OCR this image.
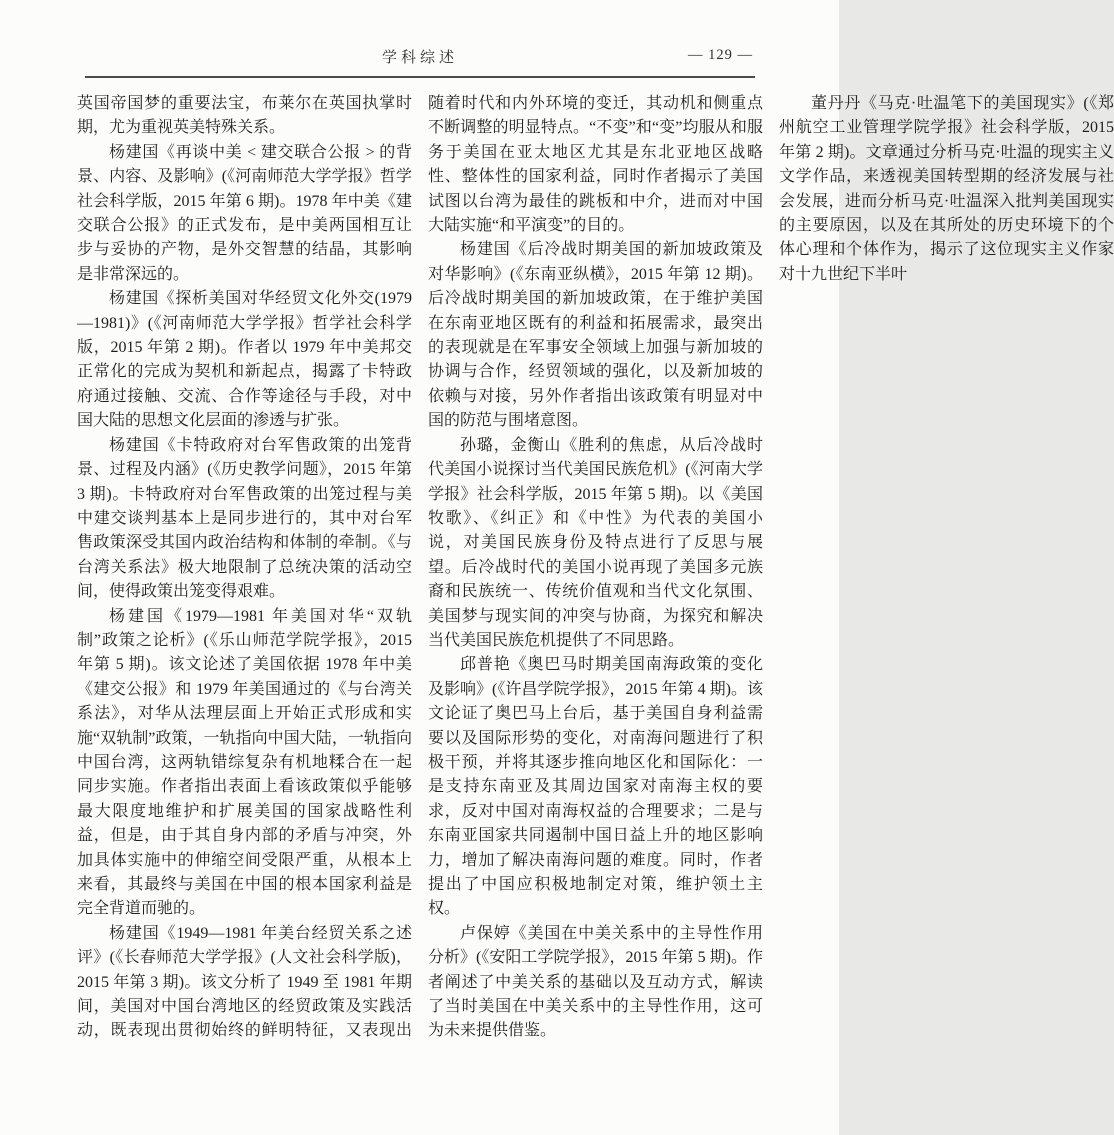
学科综述	— 129 —

英国帝国梦的重要法宝，布莱尔在英国执掌时期，尤为重视英美特殊关系。

杨建国《再谈中美 < 建交联合公报 > 的背景、内容、及影响》(《河南师范大学学报》哲学社会科学版，2015 年第 6 期)。1978 年中美《建交联合公报》的正式发布，是中美两国相互让步与妥协的产物，是外交智慧的结晶，其影响是非常深远的。

杨建国《探析美国对华经贸文化外交(1979—1981)》(《河南师范大学学报》哲学社会科学版，2015 年第 2 期)。作者以 1979 年中美邦交正常化的完成为契机和新起点，揭露了卡特政府通过接触、交流、合作等途径与手段，对中国大陆的思想文化层面的渗透与扩张。

杨建国《卡特政府对台军售政策的出笼背景、过程及内涵》(《历史教学问题》，2015 年第 3 期)。卡特政府对台军售政策的出笼过程与美中建交谈判基本上是同步进行的，其中对台军售政策深受其国内政治结构和体制的牵制。《与台湾关系法》极大地限制了总统决策的活动空间，使得政策出笼变得艰难。

杨建国《1979—1981 年美国对华“双轨制”政策之论析》(《乐山师范学院学报》，2015 年第 5 期)。该文论述了美国依据 1978 年中美《建交公报》和 1979 年美国通过的《与台湾关系法》，对华从法理层面上开始正式形成和实施“双轨制”政策，一轨指向中国大陆，一轨指向中国台湾，这两轨错综复杂有机地糅合在一起同步实施。作者指出表面上看该政策似乎能够最大限度地维护和扩展美国的国家战略性利益，但是，由于其自身内部的矛盾与冲突，外加具体实施中的伸缩空间受限严重，从根本上来看，其最终与美国在中国的根本国家利益是完全背道而驰的。

杨建国《1949—1981 年美台经贸关系之述评》(《长春师范大学学报》(人文社会科学版)，2015 年第 3 期)。该文分析了 1949 至 1981 年期间，美国对中国台湾地区的经贸政策及实践活动，既表现出贯彻始终的鲜明特征，又表现出随着时代和内外环境的变迁，其动机和侧重点不断调整的明显特点。“不变”和“变”均服从和服务于美国在亚太地区尤其是东北亚地区战略性、整体性的国家利益，同时作者揭示了美国试图以台湾为最佳的跳板和中介，进而对中国大陆实施“和平演变”的目的。

杨建国《后冷战时期美国的新加坡政策及对华影响》(《东南亚纵横》，2015 年第 12 期)。后冷战时期美国的新加坡政策，在于维护美国在东南亚地区既有的利益和拓展需求，最突出的表现就是在军事安全领域上加强与新加坡的协调与合作，经贸领域的强化，以及新加坡的依赖与对接，另外作者指出该政策有明显对中国的防范与围堵意图。

孙璐，金衡山《胜利的焦虑，从后冷战时代美国小说探讨当代美国民族危机》(《河南大学学报》社会科学版，2015 年第 5 期)。以《美国牧歌》、《纠正》和《中性》为代表的美国小说，对美国民族身份及特点进行了反思与展望。后冷战时代的美国小说再现了美国多元族裔和民族统一、传统价值观和当代文化氛围、美国梦与现实间的冲突与协商，为探究和解决当代美国民族危机提供了不同思路。

邱普艳《奥巴马时期美国南海政策的变化及影响》(《许昌学院学报》，2015 年第 4 期)。该文论证了奥巴马上台后，基于美国自身利益需要以及国际形势的变化，对南海问题进行了积极干预，并将其逐步推向地区化和国际化：一是支持东南亚及其周边国家对南海主权的要求，反对中国对南海权益的合理要求；二是与东南亚国家共同遏制中国日益上升的地区影响力，增加了解决南海问题的难度。同时，作者提出了中国应积极地制定对策，维护领土主权。

卢保婷《美国在中美关系中的主导性作用分析》(《安阳工学院学报》，2015 年第 5 期)。作者阐述了中美关系的基础以及互动方式，解读了当时美国在中美关系中的主导性作用，这可为未来提供借鉴。

董丹丹《马克·吐温笔下的美国现实》(《郑州航空工业管理学院学报》社会科学版，2015 年第 2 期)。文章通过分析马克·吐温的现实主义文学作品，来透视美国转型期的经济发展与社会发展，进而分析马克·吐温深入批判美国现实的主要原因，以及在其所处的历史环境下的个体心理和个体作为，揭示了这位现实主义作家对十九世纪下半叶
